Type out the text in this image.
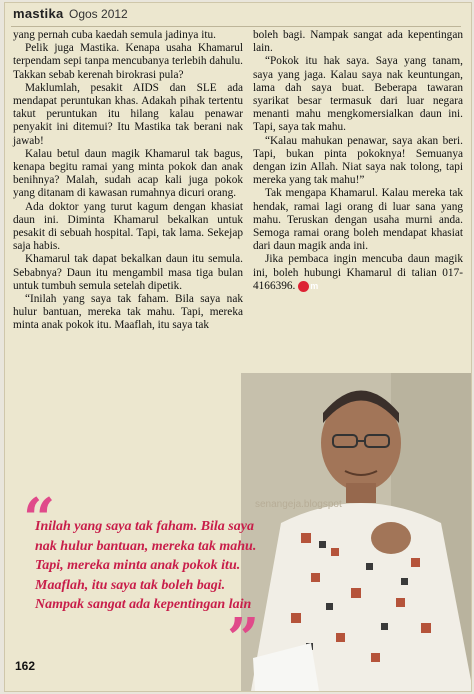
mastika Ogos 2012

yang pernah cuba kaedah semula jadinya itu.

Pelik juga Mastika. Kenapa usaha Khamarul terpendam sepi tanpa mencubanya terlebih dahulu. Takkan sebab kerenah birokrasi pula?

Maklumlah, pesakit AIDS dan SLE ada mendapat peruntukan khas. Adakah pihak tertentu takut peruntukan itu hilang kalau penawar penyakit ini ditemui? Itu Mastika tak berani nak jawab!

Kalau betul daun magik Khamarul tak bagus, kenapa begitu ramai yang minta pokok dan anak benihnya? Malah, sudah acap kali juga pokok yang ditanam di kawasan rumahnya dicuri orang.

Ada doktor yang turut kagum dengan khasiat daun ini. Diminta Khamarul bekalkan untuk pesakit di sebuah hospital. Tapi, tak lama. Sekejap saja habis.

Khamarul tak dapat bekalkan daun itu semula. Sebabnya? Daun itu mengambil masa tiga bulan untuk tumbuh semula setelah dipetik.

“Inilah yang saya tak faham. Bila saya nak hulur bantuan, mereka tak mahu. Tapi, mereka minta anak pokok itu. Maaflah, itu saya tak

boleh bagi. Nampak sangat ada kepentingan lain.

“Pokok itu hak saya. Saya yang tanam, saya yang jaga. Kalau saya nak keuntungan, lama dah saya buat. Beberapa tawaran syarikat besar termasuk dari luar negara menanti mahu mengkomersialkan daun ini. Tapi, saya tak mahu.

“Kalau mahukan penawar, saya akan beri. Tapi, bukan pinta pokoknya! Semuanya dengan izin Allah. Niat saya nak tolong, tapi mereka yang tak mahu!”

Tak mengapa Khamarul. Kalau mereka tak hendak, ramai lagi orang di luar sana yang mahu. Teruskan dengan usaha murni anda. Semoga ramai orang boleh mendapat khasiat dari daun magik anda ini.

Jika pembaca ingin mencuba daun magik ini, boleh hubungi Khamarul di talian 017-4166396. m

senangeja.blogspot
“
Inilah yang saya tak faham. Bila saya nak hulur bantuan, mereka tak mahu. Tapi, mereka minta anak pokok itu. Maaflah, itu saya tak boleh bagi. Nampak sangat ada kepentingan lain
”
162
